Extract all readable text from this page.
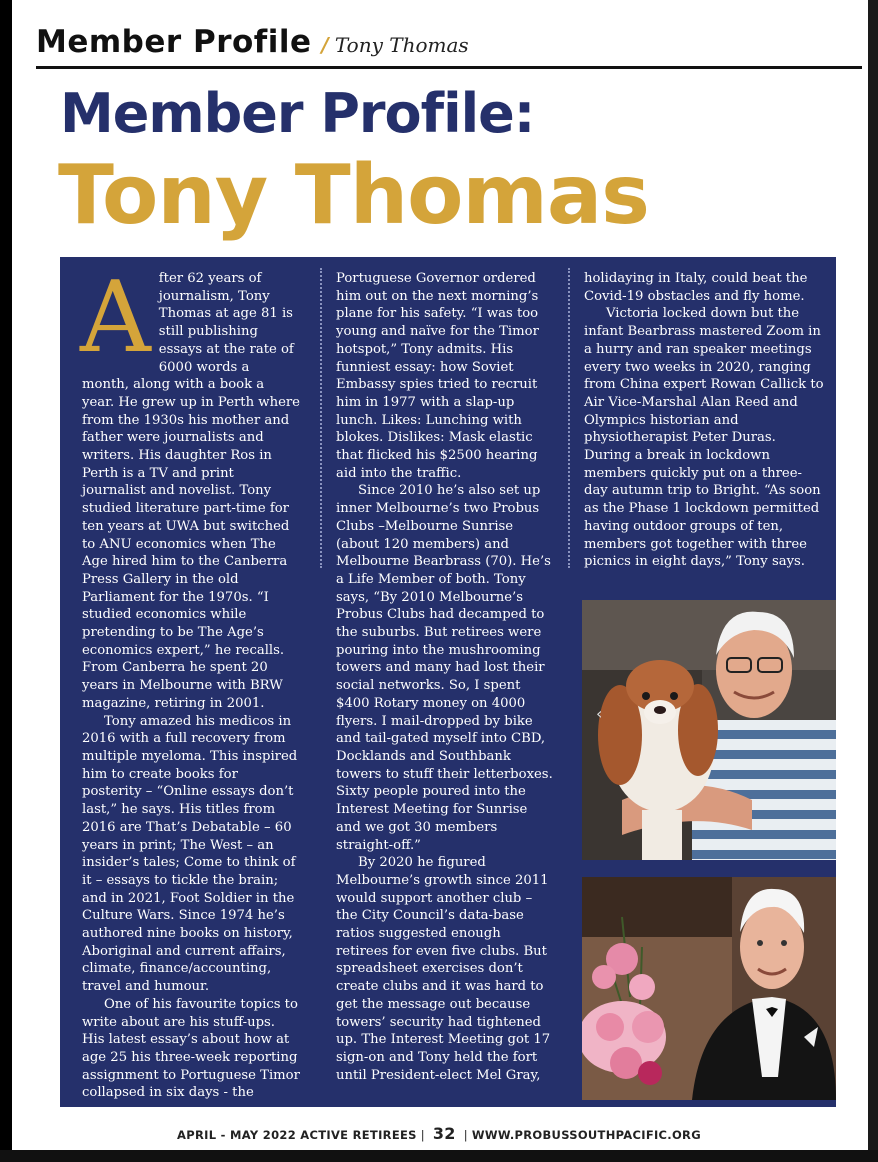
Member Profile / Tony Thomas
Member Profile:
Tony Thomas
A fter 62 years of journalism, Tony Thomas at age 81 is still publishing essays at the rate of 6000 words a month, along with a book a year. He grew up in Perth where from the 1930s his mother and father were journalists and writers. His daughter Ros in Perth is a TV and print journalist and novelist. Tony studied literature part-time for ten years at UWA but switched to ANU economics when The Age hired him to the Canberra Press Gallery in the old Parliament for the 1970s. “I studied economics while pretending to be The Age’s economics expert,” he recalls. From Canberra he spent 20 years in Melbourne with BRW magazine, retiring in 2001.

Tony amazed his medicos in 2016 with a full recovery from multiple myeloma. This inspired him to create books for posterity – “Online essays don’t last,” he says. His titles from 2016 are That’s Debatable – 60 years in print; The West – an insider’s tales; Come to think of it – essays to tickle the brain; and in 2021, Foot Soldier in the Culture Wars. Since 1974 he’s authored nine books on history, Aboriginal and current affairs, climate, finance/accounting, travel and humour.

One of his favourite topics to write about are his stuff-ups. His latest essay’s about how at age 25 his three-week reporting assignment to Portuguese Timor collapsed in six days - the

Portuguese Governor ordered him out on the next morning’s plane for his safety. “I was too young and naïve for the Timor hotspot,” Tony admits. His funniest essay: how Soviet Embassy spies tried to recruit him in 1977 with a slap-up lunch. Likes: Lunching with blokes. Dislikes: Mask elastic that flicked his $2500 hearing aid into the traffic.

Since 2010 he’s also set up inner Melbourne’s two Probus Clubs –Melbourne Sunrise (about 120 members) and Melbourne Bearbrass (70). He’s a Life Member of both. Tony says, “By 2010 Melbourne’s Probus Clubs had decamped to the suburbs. But retirees were pouring into the mushrooming towers and many had lost their social networks. So, I spent $400 Rotary money on 4000 flyers. I mail-dropped by bike and tail-gated myself into CBD, Docklands and Southbank towers to stuff their letterboxes. Sixty people poured into the Interest Meeting for Sunrise and we got 30 members straight-off.”

By 2020 he figured Melbourne’s growth since 2011 would support another club – the City Council’s data-base ratios suggested enough retirees for even five clubs. But spreadsheet exercises don’t create clubs and it was hard to get the message out because towers’ security had tightened up. The Interest Meeting got 17 sign-on and Tony held the fort until President-elect Mel Gray,

holidaying in Italy, could beat the Covid-19 obstacles and fly home.

Victoria locked down but the infant Bearbrass mastered Zoom in a hurry and ran speaker meetings every two weeks in 2020, ranging from China expert Rowan Callick to Air Vice-Marshal Alan Reed and Olympics historian and physiotherapist Peter Duras. During a break in lockdown members quickly put on a three-day autumn trip to Bright. “As soon as the Phase 1 lockdown permitted having outdoor groups of ten, members got together with three picnics in eight days,” Tony says.

‹
APRIL - MAY 2022 ACTIVE RETIREES | 32 | WWW.PROBUSSOUTHPACIFIC.ORG
